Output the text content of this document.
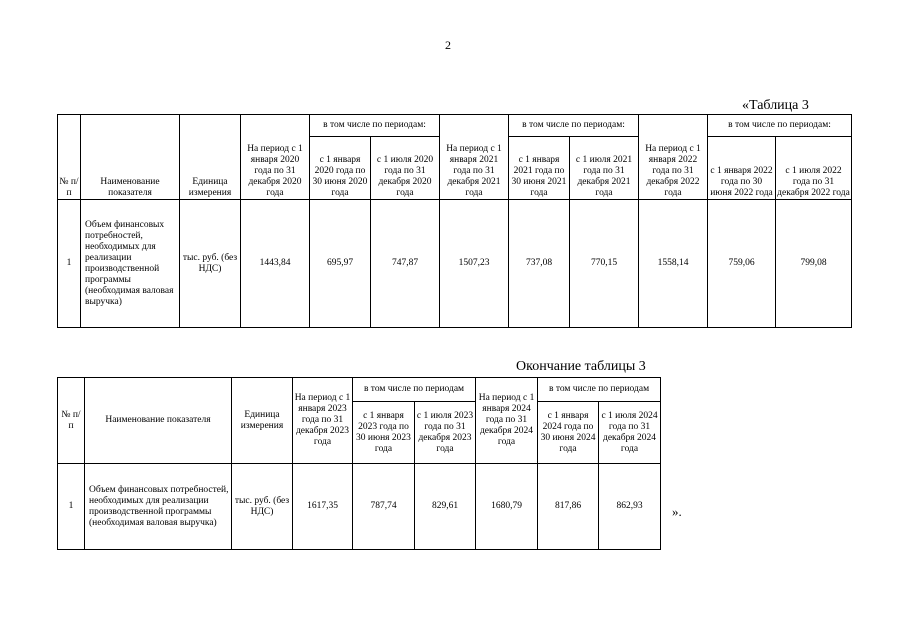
2
«Таблица 3
№ п/ п	Наименование показателя	Единица измерения	На период с 1 января 2020 года по 31 декабря 2020 года	в том числе по периодам:		На период с 1 января 2021 года по 31 декабря 2021 года	в том числе по периодам:		На период с 1 января 2022 года по 31 декабря 2022 года	в том числе по периодам:	
				с 1 января 2020 года по 30 июня 2020 года	с 1 июля 2020 года по 31 декабря 2020 года		с 1 января 2021 года по 30 июня 2021 года	с 1 июля 2021 года по 31 декабря 2021 года		с 1 января 2022 года по 30 июня 2022 года	с 1 июля 2022 года по 31 декабря 2022 года
1	Объем финансовых потребностей, необходимых для реализации производственной программы (необходимая валовая выручка)	тыс. руб. (без НДС)	1443,84	695,97	747,87	1507,23	737,08	770,15	1558,14	759,06	799,08
Окончание таблицы 3
№ п/п	Наименование показателя	Единица измерения	На период с 1 января 2023 года по 31 декабря 2023 года	в том числе по периодам		На период с 1 января 2024 года по 31 декабря 2024 года	в том числе по периодам	
				с 1 января 2023 года по 30 июня 2023 года	с 1 июля 2023 года по 31 декабря 2023 года		с 1 января 2024 года по 30 июня 2024 года	с 1 июля 2024 года по 31 декабря 2024 года
1	Объем финансовых потребностей, необходимых для реализации производственной программы (необходимая валовая выручка)	тыс. руб. (без НДС)	1617,35	787,74	829,61	1680,79	817,86	862,93 ».
